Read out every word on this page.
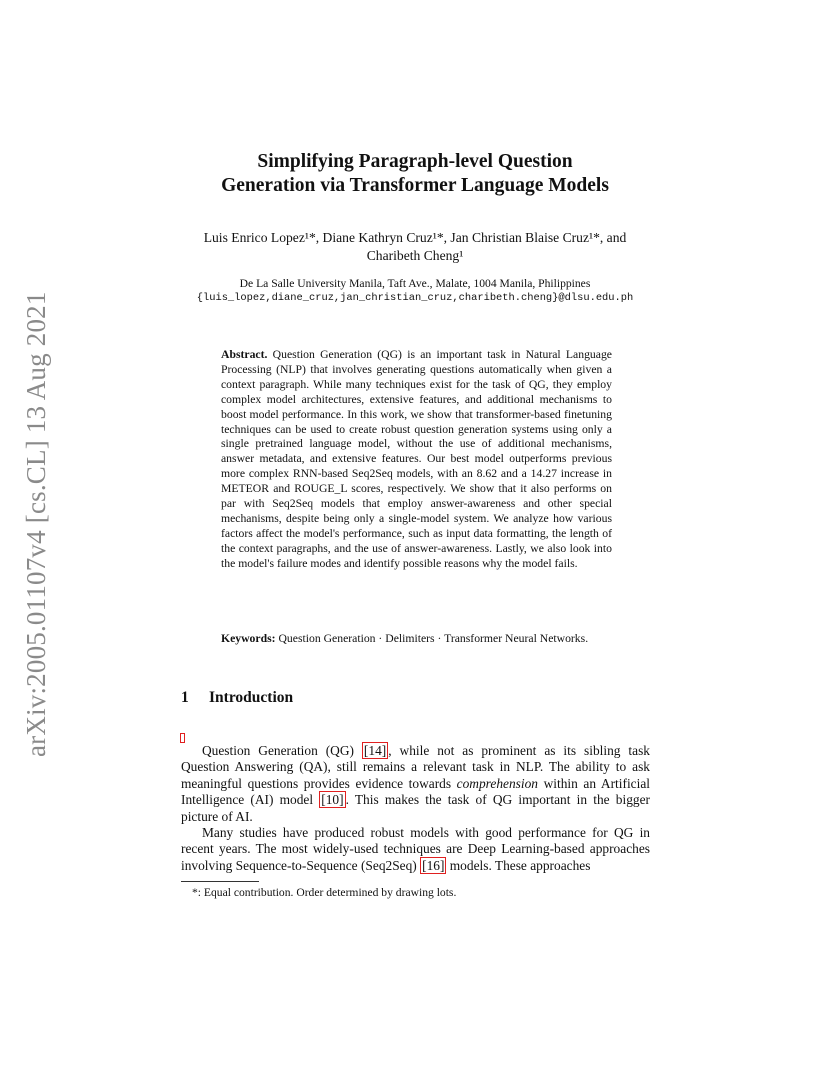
arXiv:2005.01107v4 [cs.CL] 13 Aug 2021
Simplifying Paragraph-level Question
Generation via Transformer Language Models
Luis Enrico Lopez¹*, Diane Kathryn Cruz¹*, Jan Christian Blaise Cruz¹*, and
Charibeth Cheng¹
De La Salle University Manila, Taft Ave., Malate, 1004 Manila, Philippines
{luis_lopez,diane_cruz,jan_christian_cruz,charibeth.cheng}@dlsu.edu.ph
Abstract. Question Generation (QG) is an important task in Natural Language Processing (NLP) that involves generating questions automatically when given a context paragraph. While many techniques exist for the task of QG, they employ complex model architectures, extensive features, and additional mechanisms to boost model performance. In this work, we show that transformer-based finetuning techniques can be used to create robust question generation systems using only a single pretrained language model, without the use of additional mechanisms, answer metadata, and extensive features. Our best model outperforms previous more complex RNN-based Seq2Seq models, with an 8.62 and a 14.27 increase in METEOR and ROUGE_L scores, respectively. We show that it also performs on par with Seq2Seq models that employ answer-awareness and other special mechanisms, despite being only a single-model system. We analyze how various factors affect the model's performance, such as input data formatting, the length of the context paragraphs, and the use of answer-awareness. Lastly, we also look into the model's failure modes and identify possible reasons why the model fails.
Keywords: Question Generation · Delimiters · Transformer Neural Networks.
1 Introduction

Question Generation (QG) [14] , while not as prominent as its sibling task Question Answering (QA), still remains a relevant task in NLP. The ability to ask meaningful questions provides evidence towards comprehension within an Artificial Intelligence (AI) model [10] . This makes the task of QG important in the bigger picture of AI.

Many studies have produced robust models with good performance for QG in recent years. The most widely-used techniques are Deep Learning-based approaches involving Sequence-to-Sequence (Seq2Seq) [16] models. These approaches

*: Equal contribution. Order determined by drawing lots.
